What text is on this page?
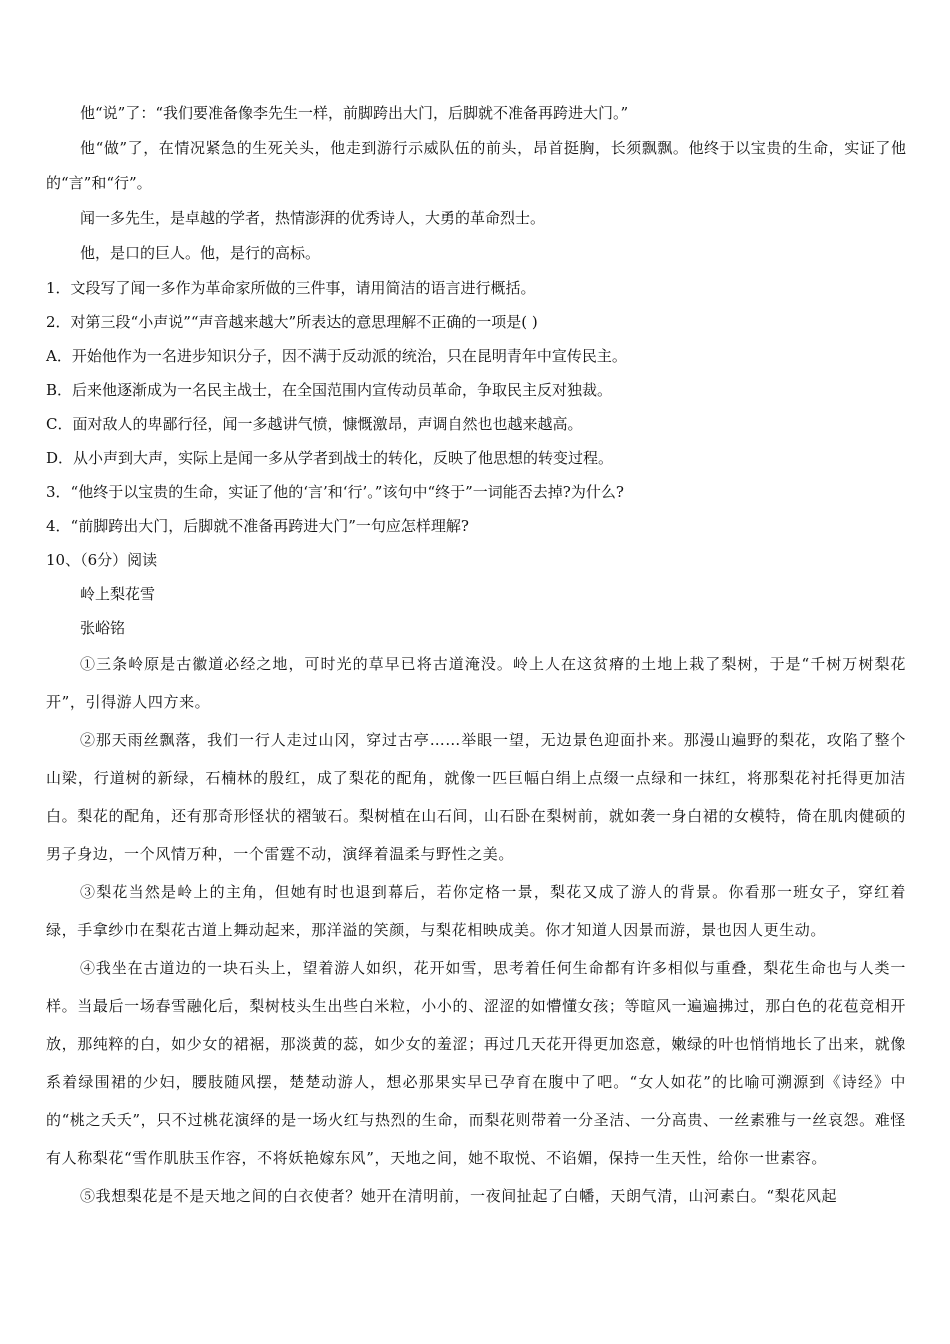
他“说”了：“我们要准备像李先生一样，前脚跨出大门，后脚就不准备再跨进大门。”

他“做”了，在情况紧急的生死关头，他走到游行示威队伍的前头，昂首挺胸，长须飘飘。他终于以宝贵的生命，实证了他的“言”和“行”。

闻一多先生，是卓越的学者，热情澎湃的优秀诗人，大勇的革命烈士。

他，是口的巨人。他，是行的高标。

1．文段写了闻一多作为革命家所做的三件事，请用简洁的语言进行概括。

2．对第三段“小声说”“声音越来越大”所表达的意思理解不正确的一项是( )

A．开始他作为一名进步知识分子，因不满于反动派的统治，只在昆明青年中宣传民主。

B．后来他逐渐成为一名民主战士，在全国范围内宣传动员革命，争取民主反对独裁。

C．面对敌人的卑鄙行径，闻一多越讲气愤，慷慨激昂，声调自然也也越来越高。

D．从小声到大声，实际上是闻一多从学者到战士的转化，反映了他思想的转变过程。

3．“他终于以宝贵的生命，实证了他的‘言’和‘行’。”该句中“终于”一词能否去掉?为什么?

4．“前脚跨出大门，后脚就不准备再跨进大门”一句应怎样理解?

10、（6分）阅读

岭上梨花雪

张峪铭

①三条岭原是古徽道必经之地，可时光的草早已将古道淹没。岭上人在这贫瘠的土地上栽了梨树，于是“千树万树梨花开”，引得游人四方来。

②那天雨丝飘落，我们一行人走过山冈，穿过古亭……举眼一望，无边景色迎面扑来。那漫山遍野的梨花，攻陷了整个山梁，行道树的新绿，石楠林的殷红，成了梨花的配角，就像一匹巨幅白绢上点缀一点绿和一抹红，将那梨花衬托得更加洁白。梨花的配角，还有那奇形怪状的褶皱石。梨树植在山石间，山石卧在梨树前，就如袭一身白裙的女模特，倚在肌肉健硕的男子身边，一个风情万种，一个雷霆不动，演绎着温柔与野性之美。

③梨花当然是岭上的主角，但她有时也退到幕后，若你定格一景，梨花又成了游人的背景。你看那一班女子，穿红着绿，手拿纱巾在梨花古道上舞动起来，那洋溢的笑颜，与梨花相映成美。你才知道人因景而游，景也因人更生动。

④我坐在古道边的一块石头上，望着游人如织，花开如雪，思考着任何生命都有许多相似与重叠，梨花生命也与人类一样。当最后一场春雪融化后，梨树枝头生出些白米粒，小小的、涩涩的如懵懂女孩；等暄风一遍遍拂过，那白色的花苞竞相开放，那纯粹的白，如少女的裙裾，那淡黄的蕊，如少女的羞涩；再过几天花开得更加恣意，嫩绿的叶也悄悄地长了出来，就像系着绿围裙的少妇，腰肢随风摆，楚楚动游人，想必那果实早已孕育在腹中了吧。“女人如花”的比喻可溯源到《诗经》中的“桃之夭夭”，只不过桃花演绎的是一场火红与热烈的生命，而梨花则带着一分圣洁、一分高贵、一丝素雅与一丝哀怨。难怪有人称梨花“雪作肌肤玉作容，不将妖艳嫁东风”，天地之间，她不取悦、不谄媚，保持一生天性，给你一世素容。

⑤我想梨花是不是天地之间的白衣使者？她开在清明前，一夜间扯起了白幡，天朗气清，山河素白。“梨花风起
